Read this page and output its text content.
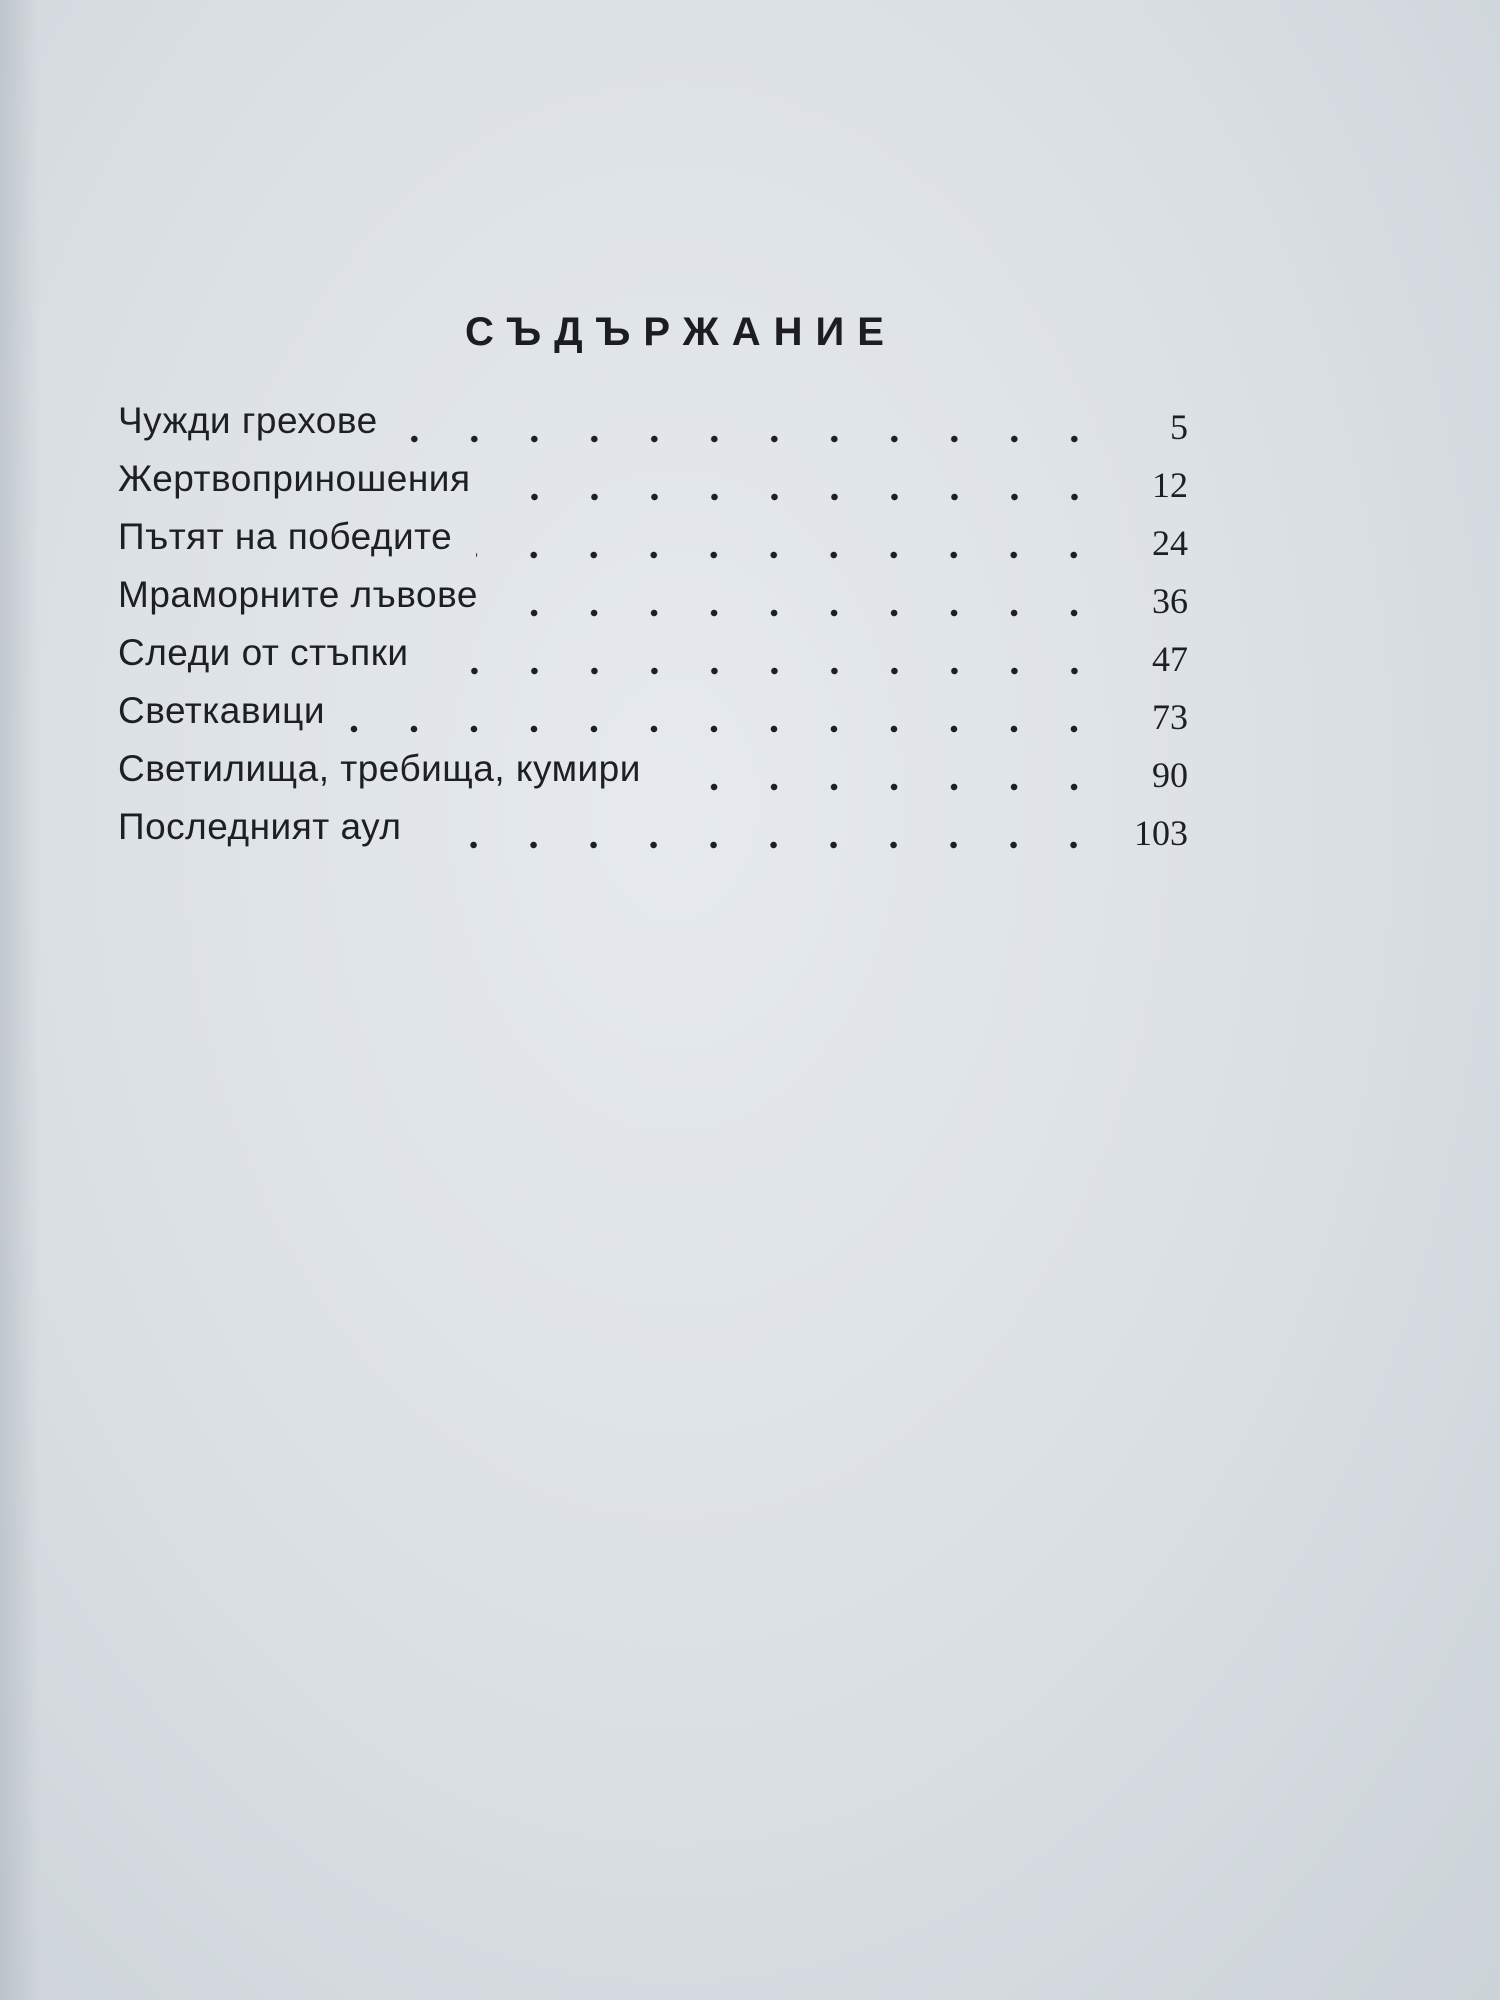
СЪДЪРЖАНИЕ
Чужди грехове	5
Жертвоприношения	12
Пътят на победите	24
Мраморните лъвове	36
Следи от стъпки	47
Светкавици	73
Светилища, требища, кумири	90
Последният аул	103
